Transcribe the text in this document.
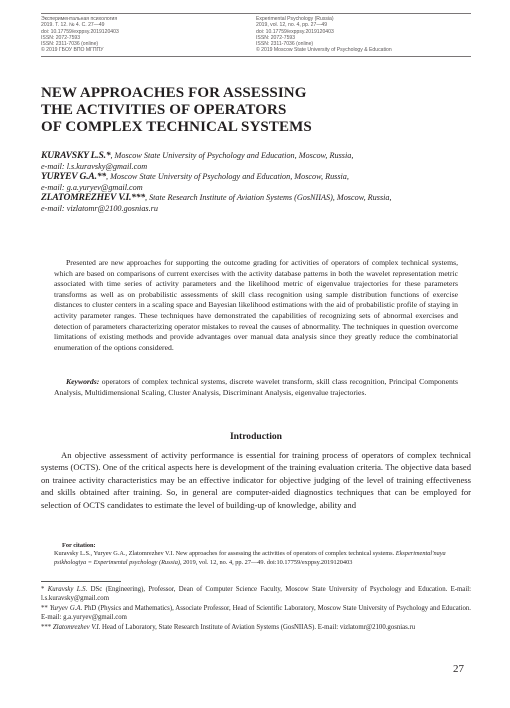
Экспериментальная психология
2019. Т. 12. № 4. С. 27—49
doi: 10.17759/exppsy.2019120403
ISSN: 2072-7593
ISSN: 2311-7036 (online)
© 2019 ГБОУ ВПО МГППУ
Experimental Psychology (Russia)
2019, vol. 12, no. 4, pp. 27—49
doi: 10.17759/exppsy.2019120403
ISSN: 2072-7593
ISSN: 2311-7036 (online)
© 2019 Moscow State University of Psychology & Education
NEW APPROACHES FOR ASSESSING
THE ACTIVITIES OF OPERATORS
OF COMPLEX TECHNICAL SYSTEMS
KURAVSKY L.S.*, Moscow State University of Psychology and Education, Moscow, Russia,
e-mail: l.s.kuravsky@gmail.com
YURYEV G.A.**, Moscow State University of Psychology and Education, Moscow, Russia,
e-mail: g.a.yuryev@gmail.com
ZLATOMREZHEV V.I.***, State Research Institute of Aviation Systems (GosNIIAS), Moscow, Russia,
e-mail: vizlatomr@2100.gosnias.ru

Presented are new approaches for supporting the outcome grading for activities of operators of complex technical systems, which are based on comparisons of current exercises with the activity database patterns in both the wavelet representation metric associated with time series of activity parameters and the likelihood metric of eigenvalue trajectories for these parameters transforms as well as on probabilistic assessments of skill class recognition using sample distribution functions of exercise distances to cluster centers in a scaling space and Bayesian likelihood estimations with the aid of probabilistic profile of staying in activity parameter ranges. These techniques have demonstrated the capabilities of recognizing sets of abnormal exercises and detection of parameters characterizing operator mistakes to reveal the causes of abnormality. The techniques in question overcome limitations of existing methods and provide advantages over manual data analysis since they greatly reduce the combinatorial enumeration of the options considered.

Keywords: operators of complex technical systems, discrete wavelet transform, skill class recognition, Principal Components Analysis, Multidimensional Scaling, Cluster Analysis, Discriminant Analysis, eigenvalue trajectories.

Introduction

An objective assessment of activity performance is essential for training process of operators of complex technical systems (OCTS). One of the critical aspects here is development of the training evaluation criteria. The objective data based on trainee activity characteristics may be an effective indicator for objective judging of the level of training effectiveness and skills obtained after training. So, in general are computer-aided diagnostics techniques that can be employed for selection of OCTS candidates to estimate the level of building-up of knowledge, ability and

For citation:

Kuravsky L.S., Yuryev G.A., Zlatomrezhev V.I. New approaches for assessing the activities of operators of complex technical systems. Eksperimental'naya psikhologiya = Experimental psychology (Russia), 2019, vol. 12, no. 4, pp. 27—49. doi:10.17759/exppsy.2019120403

* Kuravsky L.S. DSc (Engineering), Professor, Dean of Computer Science Faculty, Moscow State University of Psychology and Education. E-mail: l.s.kuravsky@gmail.com

** Yuryev G.A. PhD (Physics and Mathematics), Associate Professor, Head of Scientific Laboratory, Moscow State University of Psychology and Education. E-mail: g.a.yuryev@gmail.com

*** Zlatomrezhev V.I. Head of Laboratory, State Research Institute of Aviation Systems (GosNIIAS). E-mail: vizlatomr@2100.gosnias.ru

27
